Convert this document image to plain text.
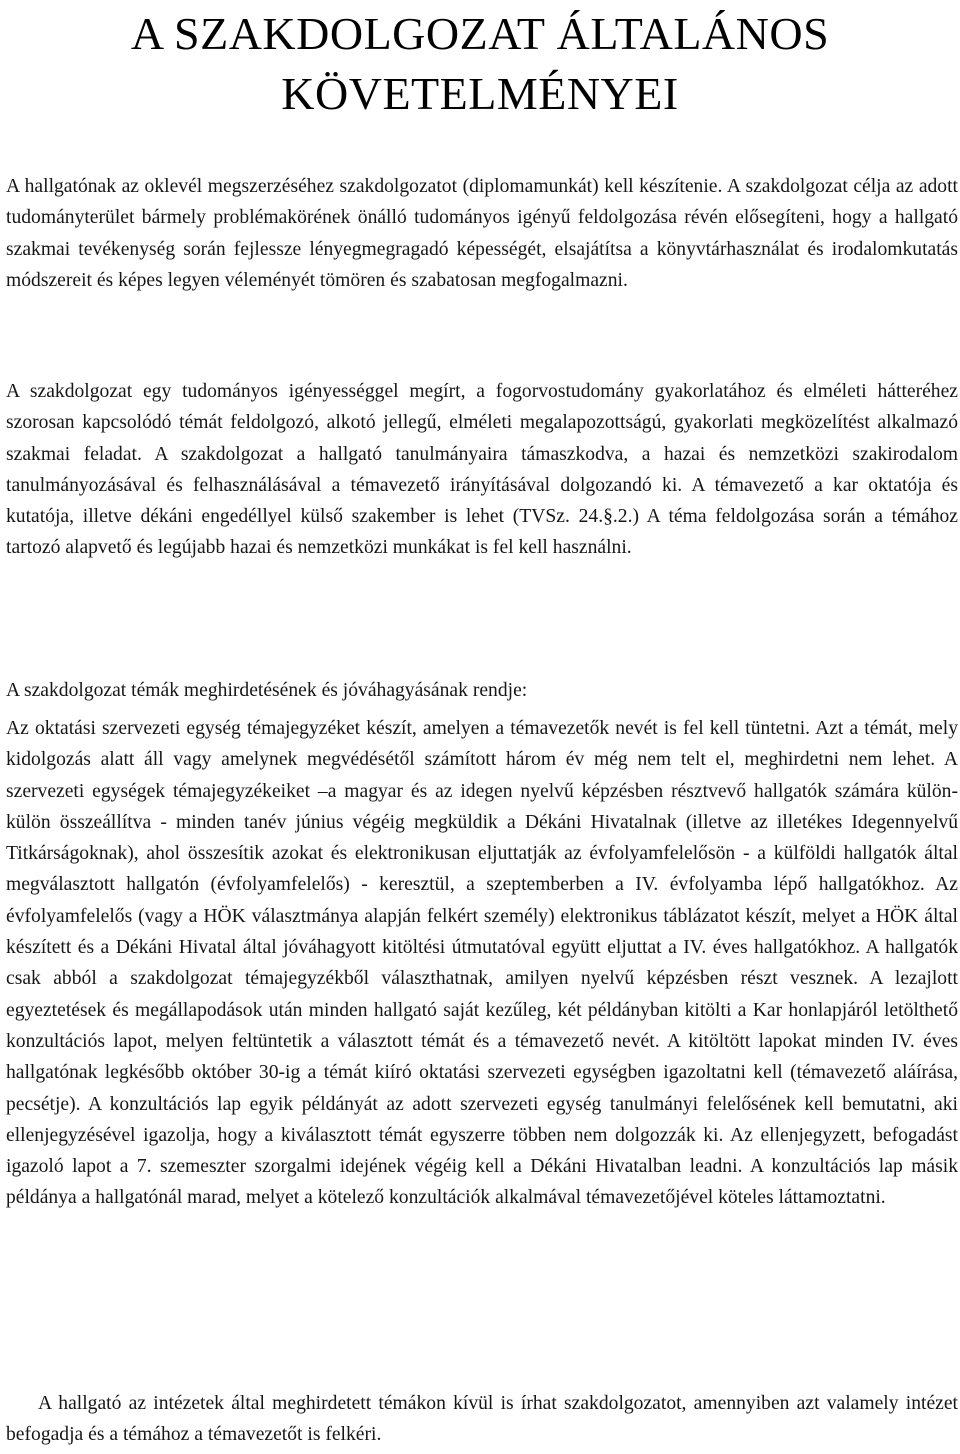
A SZAKDOLGOZAT ÁLTALÁNOS
KÖVETELMÉNYEI

A hallgatónak az oklevél megszerzéséhez szakdolgozatot (diplomamunkát) kell készítenie. A szakdolgozat célja az adott tudományterület bármely problémakörének önálló tudományos igényű feldolgozása révén elősegíteni, hogy a hallgató szakmai tevékenység során fejlessze lényegmegragadó képességét, elsajátítsa a könyvtárhasználat és irodalomkutatás módszereit és képes legyen véleményét tömören és szabatosan megfogalmazni.

A szakdolgozat egy tudományos igényességgel megírt, a fogorvostudomány gyakorlatához és elméleti hátteréhez szorosan kapcsolódó témát feldolgozó, alkotó jellegű, elméleti megalapozottságú, gyakorlati megközelítést alkalmazó szakmai feladat. A szakdolgozat a hallgató tanulmányaira támaszkodva, a hazai és nemzetközi szakirodalom tanulmányozásával és felhasználásával a témavezető irányításával dolgozandó ki. A témavezető a kar oktatója és kutatója, illetve dékáni engedéllyel külső szakember is lehet (TVSz. 24.§.2.) A téma feldolgozása során a témához tartozó alapvető és legújabb hazai és nemzetközi munkákat is fel kell használni.

A szakdolgozat témák meghirdetésének és jóváhagyásának rendje:

Az oktatási szervezeti egység témajegyzéket készít, amelyen a témavezetők nevét is fel kell tüntetni. Azt a témát, mely kidolgozás alatt áll vagy amelynek megvédésétől számított három év még nem telt el, meghirdetni nem lehet. A szervezeti egységek témajegyzékeiket –a magyar és az idegen nyelvű képzésben résztvevő hallgatók számára külön-külön összeállítva - minden tanév június végéig megküldik a Dékáni Hivatalnak (illetve az illetékes Idegennyelvű Titkárságoknak), ahol összesítik azokat és elektronikusan eljuttatják az évfolyamfelelősön - a külföldi hallgatók által megválasztott hallgatón (évfolyamfelelős) - keresztül, a szeptemberben a IV. évfolyamba lépő hallgatókhoz. Az évfolyamfelelős (vagy a HÖK választmánya alapján felkért személy) elektronikus táblázatot készít, melyet a HÖK által készített és a Dékáni Hivatal által jóváhagyott kitöltési útmutatóval együtt eljuttat a IV. éves hallgatókhoz. A hallgatók csak abból a szakdolgozat témajegyzékből választhatnak, amilyen nyelvű képzésben részt vesznek. A lezajlott egyeztetések és megállapodások után minden hallgató saját kezűleg, két példányban kitölti a Kar honlapjáról letölthető konzultációs lapot, melyen feltüntetik a választott témát és a témavezető nevét. A kitöltött lapokat minden IV. éves hallgatónak legkésőbb október 30-ig a témát kiíró oktatási szervezeti egységben igazoltatni kell (témavezető aláírása, pecsétje). A konzultációs lap egyik példányát az adott szervezeti egység tanulmányi felelősének kell bemutatni, aki ellenjegyzésével igazolja, hogy a kiválasztott témát egyszerre többen nem dolgozzák ki. Az ellenjegyzett, befogadást igazoló lapot a 7. szemeszter szorgalmi idejének végéig kell a Dékáni Hivatalban leadni. A konzultációs lap másik példánya a hallgatónál marad, melyet a kötelező konzultációk alkalmával témavezetőjével köteles láttamoztatni.

A hallgató az intézetek által meghirdetett témákon kívül is írhat szakdolgozatot, amennyiben azt valamely intézet befogadja és a témához a témavezetőt is felkéri.
